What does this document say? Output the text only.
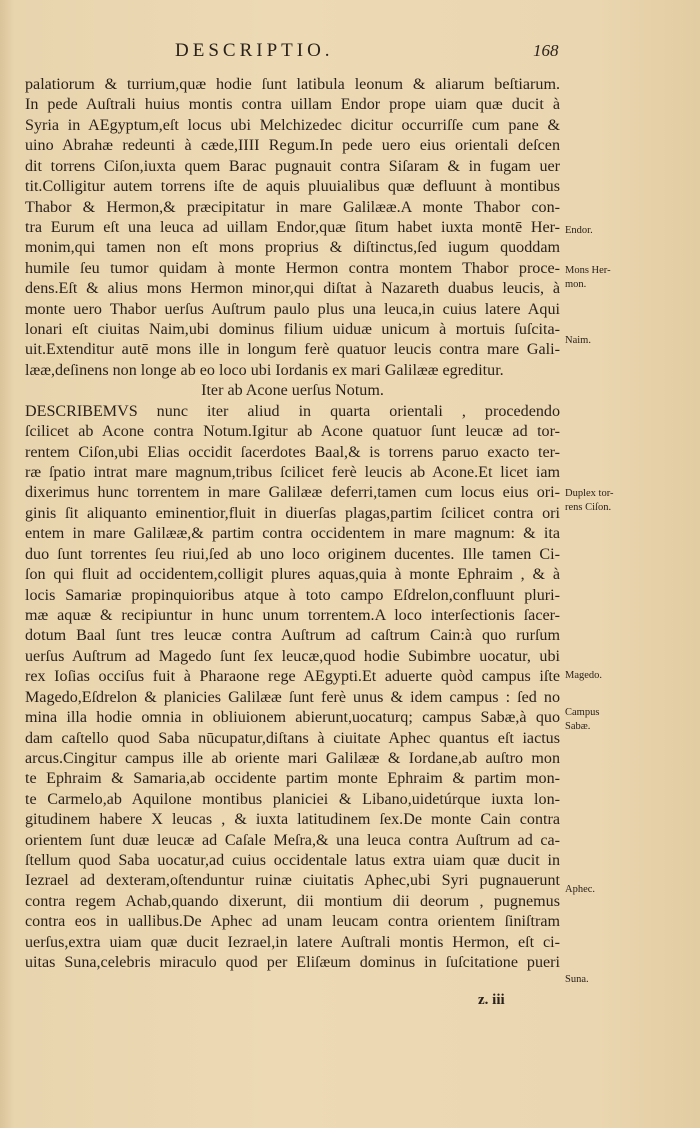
DESCRIPTIO.	168
palatiorum & turrium,quæ hodie ſunt latibula leonum & aliarum beſtiarum.
In pede Auſtrali huius montis contra uillam Endor prope uiam quæ ducit à
Syria in AEgyptum,eſt locus ubi Melchizedec dicitur occurriſſe cum pane &
uino Abrahæ redeunti à cæde,IIII Regum.In pede uero eius orientali deſcen
dit torrens Ciſon,iuxta quem Barac pugnauit contra Siſaram & in fugam uer
tit.Colligitur autem torrens iſte de aquis pluuialibus quæ defluunt à montibus
Thabor & Hermon,& præcipitatur in mare Galilææ.A monte Thabor con-
tra Eurum eſt una leuca ad uillam Endor,quæ ſitum habet iuxta montē Her-
monim,qui tamen non eſt mons proprius & diſtinctus,ſed iugum quoddam
humile ſeu tumor quidam à monte Hermon contra montem Thabor proce-
dens.Eſt & alius mons Hermon minor,qui diſtat à Nazareth duabus leucis, à
monte uero Thabor uerſus Auſtrum paulo plus una leuca,in cuius latere Aqui
lonari eſt ciuitas Naim,ubi dominus filium uiduæ unicum à mortuis ſuſcita-
uit.Extenditur autē mons ille in longum ferè quatuor leucis contra mare Gali-
lææ,deſinens non longe ab eo loco ubi Iordanis ex mari Galilææ egreditur.
Iter ab Acone uerſus Notum.
DESCRIBEMVS nunc iter aliud in quarta orientali , procedendo
ſcilicet ab Acone contra Notum.Igitur ab Acone quatuor ſunt leucæ ad tor-
rentem Ciſon,ubi Elias occidit ſacerdotes Baal,& is torrens paruo exacto ter-
ræ ſpatio intrat mare magnum,tribus ſcilicet ferè leucis ab Acone.Et licet iam
dixerimus hunc torrentem in mare Galilææ deferri,tamen cum locus eius ori-
ginis ſit aliquanto eminentior,fluit in diuerſas plagas,partim ſcilicet contra ori
entem in mare Galilææ,& partim contra occidentem in mare magnum: & ita
duo ſunt torrentes ſeu riui,ſed ab uno loco originem ducentes. Ille tamen Ci-
ſon qui fluit ad occidentem,colligit plures aquas,quia à monte Ephraim , & à
locis Samariæ propinquioribus atque à toto campo Eſdrelon,confluunt pluri-
mæ aquæ & recipiuntur in hunc unum torrentem.A loco interſectionis ſacer-
dotum Baal ſunt tres leucæ contra Auſtrum ad caſtrum Cain:à quo rurſum
uerſus Auſtrum ad Magedo ſunt ſex leucæ,quod hodie Subimbre uocatur, ubi
rex Ioſias occiſus fuit à Pharaone rege AEgypti.Et aduerte quòd campus iſte
Magedo,Eſdrelon & planicies Galilææ ſunt ferè unus & idem campus : ſed no
mina illa hodie omnia in obliuionem abierunt,uocaturq; campus Sabæ,à quo
dam caſtello quod Saba nūcupatur,diſtans à ciuitate Aphec quantus eſt iactus
arcus.Cingitur campus ille ab oriente mari Galilææ & Iordane,ab auſtro mon
te Ephraim & Samaria,ab occidente partim monte Ephraim & partim mon-
te Carmelo,ab Aquilone montibus planiciei & Libano,uidetúrque iuxta lon-
gitudinem habere X leucas , & iuxta latitudinem ſex.De monte Cain contra
orientem ſunt duæ leucæ ad Caſale Meſra,& una leuca contra Auſtrum ad ca-
ſtellum quod Saba uocatur,ad cuius occidentale latus extra uiam quæ ducit in
Iezrael ad dexteram,oſtenduntur ruinæ ciuitatis Aphec,ubi Syri pugnauerunt
contra regem Achab,quando dixerunt, dii montium dii deorum , pugnemus
contra eos in uallibus.De Aphec ad unam leucam contra orientem ſiniſtram
uerſus,extra uiam quæ ducit Iezrael,in latere Auſtrali montis Hermon, eſt ci-
uitas Suna,celebris miraculo quod per Eliſæum dominus in ſuſcitatione pueri
Endor.
Mons Her-
mon.
Naim.
Duplex tor-
rens Ciſon.
Magedo.
Campus
Sabæ.
Aphec.
Suna.
z. iii
